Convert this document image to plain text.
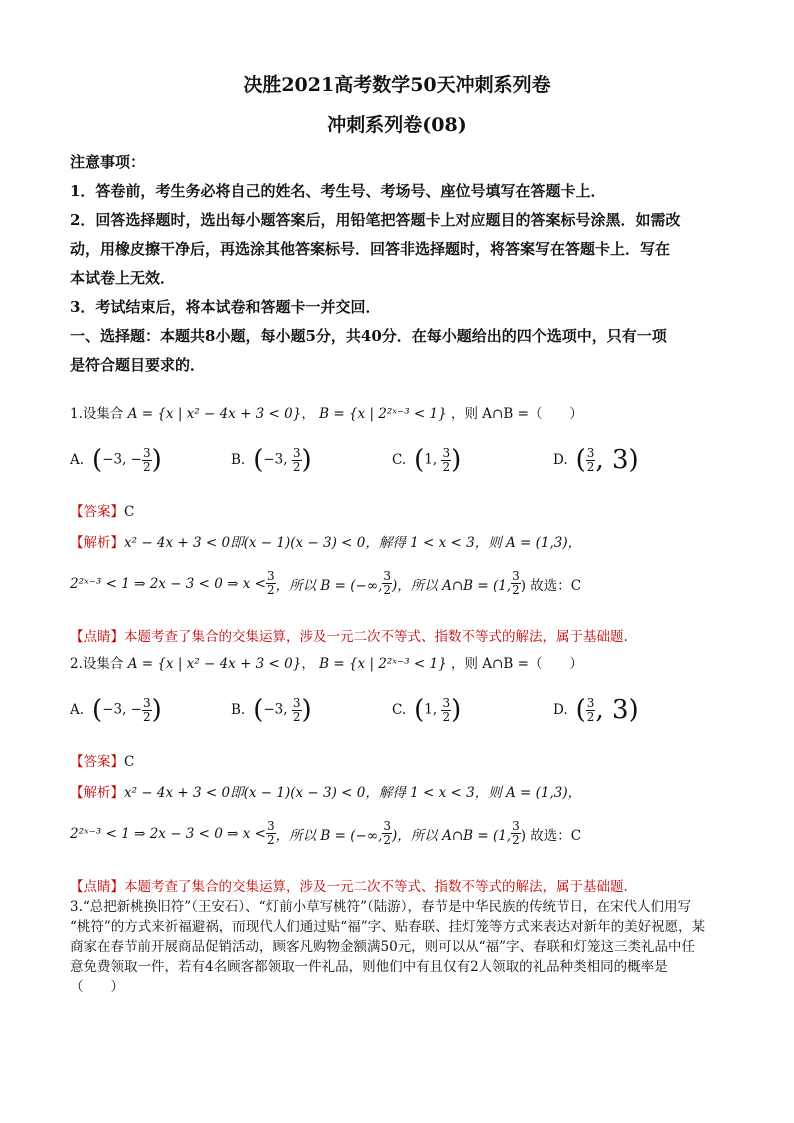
决胜2021高考数学50天冲刺系列卷

冲刺系列卷(08)

注意事项：
1．答卷前，考生务必将自己的姓名、考生号、考场号、座位号填写在答题卡上．
2．回答选择题时，选出每小题答案后，用铅笔把答题卡上对应题目的答案标号涂黑．如需改
动，用橡皮擦干净后，再选涂其他答案标号．回答非选择题时，将答案写在答题卡上．写在
本试卷上无效．
3．考试结束后，将本试卷和答题卡一并交回．
一、选择题：本题共8小题，每小题5分，共40分．在每小题给出的四个选项中，只有一项
是符合题目要求的．
1.设集合 A = {x | x² − 4x + 3 < 0}， B = {x | 2²ˣ⁻³ < 1} ，则 A∩B =（　　）
A. (−3, − $\frac{3}{2}$ )	B. (−3, $\frac{3}{2}$ )	C. (1, $\frac{3}{2}$ )	D. ( $\frac{3}{2}$ , 3)
【答案】C
【解析】x² − 4x + 3 < 0即(x − 1)(x − 3) < 0，解得 1 < x < 3，则 A = (1,3)，
2²ˣ⁻³ < 1 ⇒ 2x − 3 < 0 ⇒ $x < \frac{3}{2}$ ，所以 B = (−∞, $\frac{3}{2}$ )，所以 A∩B = (1, $\frac{3}{2}$ ) 故选：C
【点睛】本题考查了集合的交集运算，涉及一元二次不等式、指数不等式的解法，属于基础题.
2.设集合 A = {x | x² − 4x + 3 < 0}， B = {x | 2²ˣ⁻³ < 1} ，则 A∩B =（　　）
A. (−3, − $\frac{3}{2}$ )	B. (−3, $\frac{3}{2}$ )	C. (1, $\frac{3}{2}$ )	D. ( $\frac{3}{2}$ , 3)
【答案】C
【解析】x² − 4x + 3 < 0即(x − 1)(x − 3) < 0，解得 1 < x < 3，则 A = (1,3)，
2²ˣ⁻³ < 1 ⇒ 2x − 3 < 0 ⇒ $x < \frac{3}{2}$ ，所以 B = (−∞, $\frac{3}{2}$ )，所以 A∩B = (1, $\frac{3}{2}$ ) 故选：C
【点睛】本题考查了集合的交集运算，涉及一元二次不等式、指数不等式的解法，属于基础题.
3.“总把新桃换旧符”（王安石）、“灯前小草写桃符”（陆游），春节是中华民族的传统节日，在宋代人们用写
“桃符”的方式来祈福避祸，而现代人们通过贴“福”字、贴春联、挂灯笼等方式来表达对新年的美好祝愿，某
商家在春节前开展商品促销活动，顾客凡购物金额满50元，则可以从“福”字、春联和灯笼这三类礼品中任
意免费领取一件，若有4名顾客都领取一件礼品，则他们中有且仅有2人领取的礼品种类相同的概率是
（　　）
